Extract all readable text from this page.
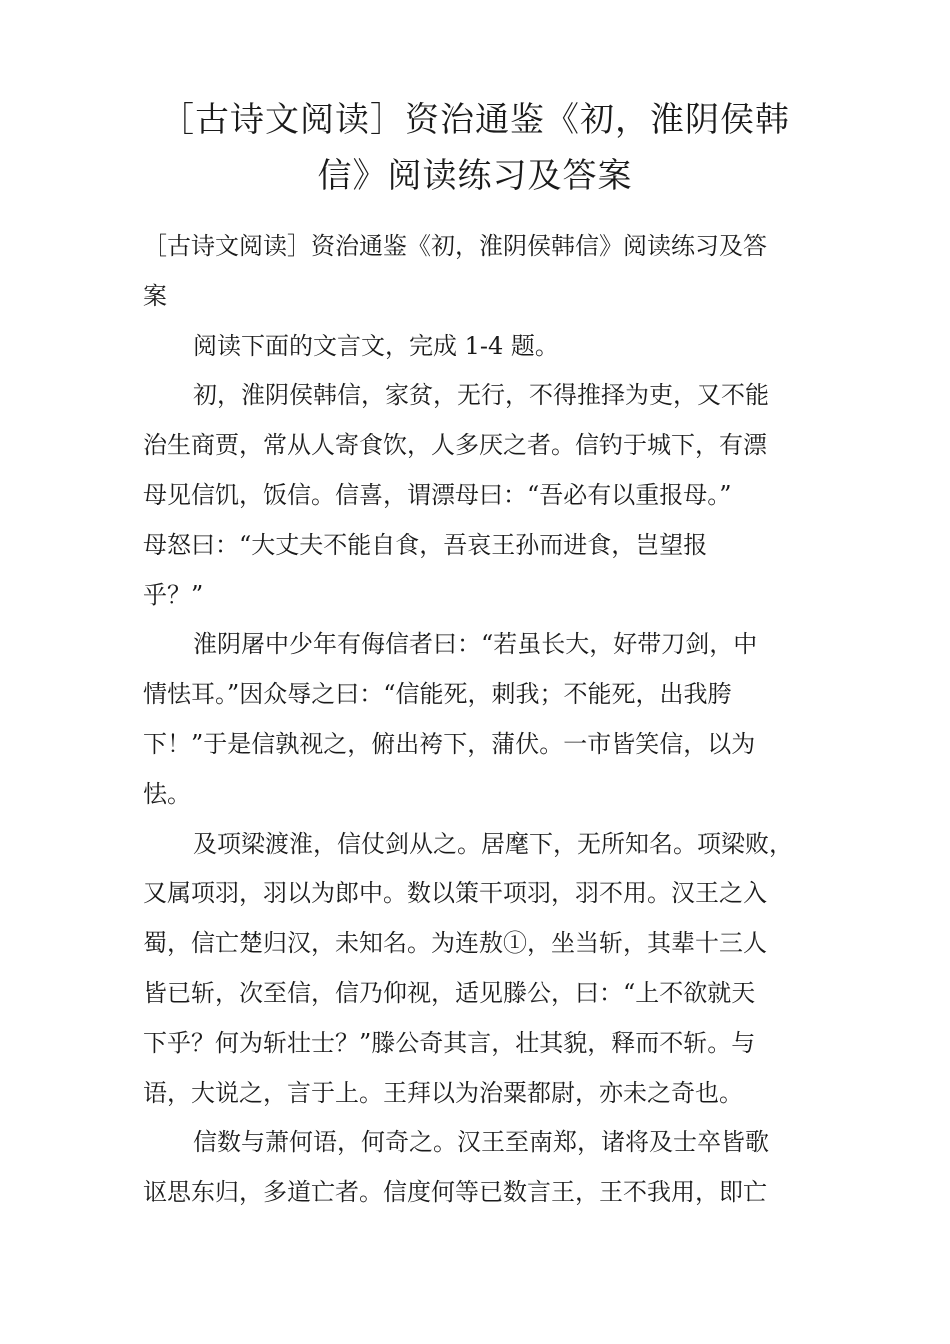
［古诗文阅读］资治通鉴《初，淮阴侯韩
信》阅读练习及答案
［古诗文阅读］资治通鉴《初，淮阴侯韩信》阅读练习及答
案
阅读下面的文言文，完成 1-4 题。
初，淮阴侯韩信，家贫，无行，不得推择为吏，又不能
治生商贾，常从人寄食饮，人多厌之者。信钓于城下，有漂
母见信饥，饭信。信喜，谓漂母曰：“吾必有以重报母。”
母怒曰：“大丈夫不能自食，吾哀王孙而进食，岂望报
乎？”
淮阴屠中少年有侮信者曰：“若虽长大，好带刀剑，中
情怯耳。”因众辱之曰：“信能死，刺我；不能死，出我胯
下！”于是信孰视之，俯出袴下，蒲伏。一市皆笑信，以为
怯。
及项梁渡淮，信仗剑从之。居麾下，无所知名。项梁败，
又属项羽，羽以为郎中。数以策干项羽，羽不用。汉王之入
蜀，信亡楚归汉，未知名。为连敖①，坐当斩，其辈十三人
皆已斩，次至信，信乃仰视，适见滕公，曰：“上不欲就天
下乎？何为斩壮士？”滕公奇其言，壮其貌，释而不斩。与
语，大说之，言于上。王拜以为治粟都尉，亦未之奇也。
信数与萧何语，何奇之。汉王至南郑，诸将及士卒皆歌
讴思东归，多道亡者。信度何等已数言王，王不我用，即亡
